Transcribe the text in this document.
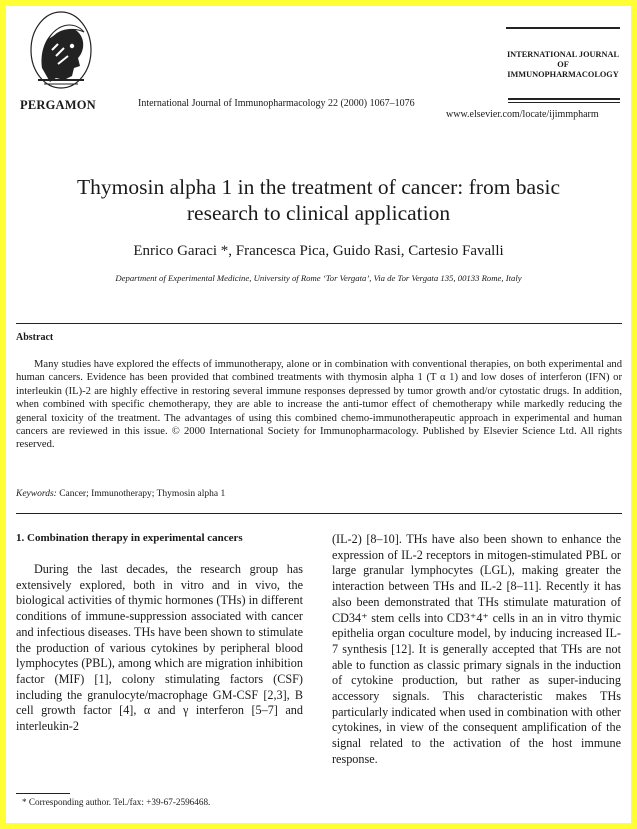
PERGAMON	International Journal of Immunopharmacology 22 (2000) 1067–1076
INTERNATIONAL JOURNAL
OF
IMMUNOPHARMACOLOGY
www.elsevier.com/locate/ijimmpharm
Thymosin alpha 1 in the treatment of cancer: from basic
research to clinical application
Enrico Garaci *, Francesca Pica, Guido Rasi, Cartesio Favalli
Department of Experimental Medicine, University of Rome ‘Tor Vergata’, Via de Tor Vergata 135, 00133 Rome, Italy
Abstract
Many studies have explored the effects of immunotherapy, alone or in combination with conventional therapies, on both experimental and human cancers. Evidence has been provided that combined treatments with thymosin alpha 1 (T α 1) and low doses of interferon (IFN) or interleukin (IL)-2 are highly effective in restoring several immune responses depressed by tumor growth and/or cytostatic drugs. In addition, when combined with specific chemotherapy, they are able to increase the anti-tumor effect of chemotherapy while markedly reducing the general toxicity of the treatment. The advantages of using this combined chemo-immunotherapeutic approach in experimental and human cancers are reviewed in this issue. © 2000 International Society for Immunopharmacology. Published by Elsevier Science Ltd. All rights reserved.
Keywords: Cancer; Immunotherapy; Thymosin alpha 1
1. Combination therapy in experimental cancers

During the last decades, the research group has extensively explored, both in vitro and in vivo, the biological activities of thymic hormones (THs) in different conditions of immune-suppression associated with cancer and infectious diseases. THs have been shown to stimulate the production of various cytokines by peripheral blood lymphocytes (PBL), among which are migration inhibition factor (MIF) [1], colony stimulating factors (CSF) including the granulocyte/macrophage GM-CSF [2,3], B cell growth factor [4], α and γ interferon [5–7] and interleukin-2

(IL-2) [8–10]. THs have also been shown to enhance the expression of IL-2 receptors in mitogen-stimulated PBL or large granular lymphocytes (LGL), making greater the interaction between THs and IL-2 [8–11]. Recently it has also been demonstrated that THs stimulate maturation of CD34⁺ stem cells into CD3⁺4⁺ cells in an in vitro thymic epithelia organ coculture model, by inducing increased IL-7 synthesis [12]. It is generally accepted that THs are not able to function as classic primary signals in the induction of cytokine production, but rather as super-inducing accessory signals. This characteristic makes THs particularly indicated when used in combination with other cytokines, in view of the consequent amplification of the signal related to the activation of the host immune response.

* Corresponding author. Tel./fax: +39-67-2596468.
